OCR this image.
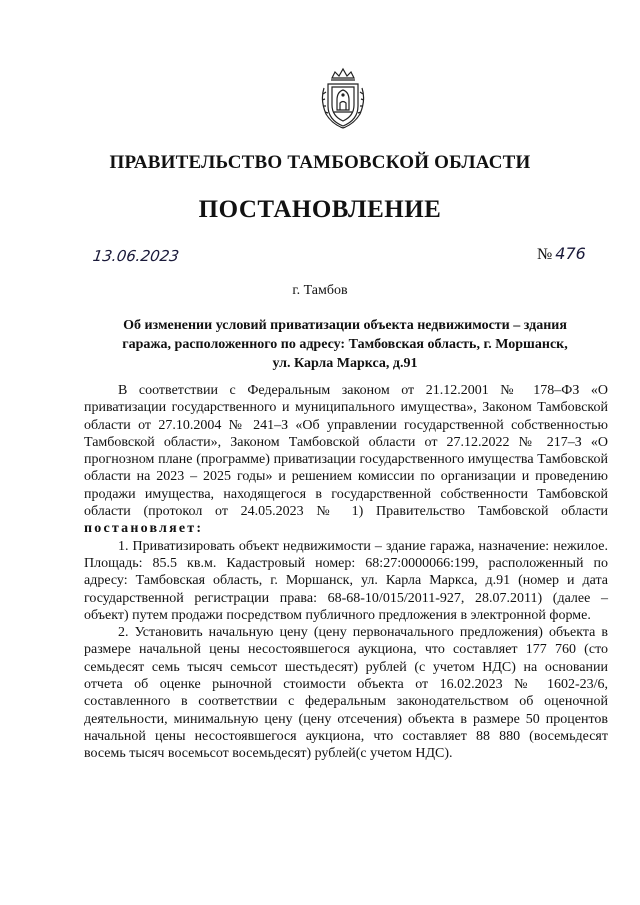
ПРАВИТЕЛЬСТВО ТАМБОВСКОЙ ОБЛАСТИ
ПОСТАНОВЛЕНИЕ
13.06.2023	№ 476
г. Тамбов
Об изменении условий приватизации объекта недвижимости – здания
гаража, расположенного по адресу: Тамбовская область, г. Моршанск,
ул. Карла Маркса, д.91

В соответствии с Федеральным законом от 21.12.2001 № 178–ФЗ «О приватизации государственного и муниципального имущества», Законом Тамбовской области от 27.10.2004 № 241–З «Об управлении государственной собственностью Тамбовской области», Законом Тамбовской области от 27.12.2022 № 217–З «О прогнозном плане (программе) приватизации государственного имущества Тамбовской области на 2023 – 2025 годы» и решением комиссии по организации и проведению продажи имущества, находящегося в государственной собственности Тамбовской области (протокол от 24.05.2023 № 1) Правительство Тамбовской области постановляет:

1. Приватизировать объект недвижимости – здание гаража, назначение: нежилое. Площадь: 85.5 кв.м. Кадастровый номер: 68:27:0000066:199, расположенный по адресу: Тамбовская область, г. Моршанск, ул. Карла Маркса, д.91 (номер и дата государственной регистрации права: 68-68-10/015/2011-927, 28.07.2011) (далее – объект) путем продажи посредством публичного предложения в электронной форме.

2. Установить начальную цену (цену первоначального предложения) объекта в размере начальной цены несостоявшегося аукциона, что составляет 177 760 (сто семьдесят семь тысяч семьсот шестьдесят) рублей (с учетом НДС) на основании отчета об оценке рыночной стоимости объекта от 16.02.2023 № 1602-23/6, составленного в соответствии с федеральным законодательством об оценочной деятельности, минимальную цену (цену отсечения) объекта в размере 50 процентов начальной цены несостоявшегося аукциона, что составляет 88 880 (восемьдесят восемь тысяч восемьсот восемьдесят) рублей(с учетом НДС).
